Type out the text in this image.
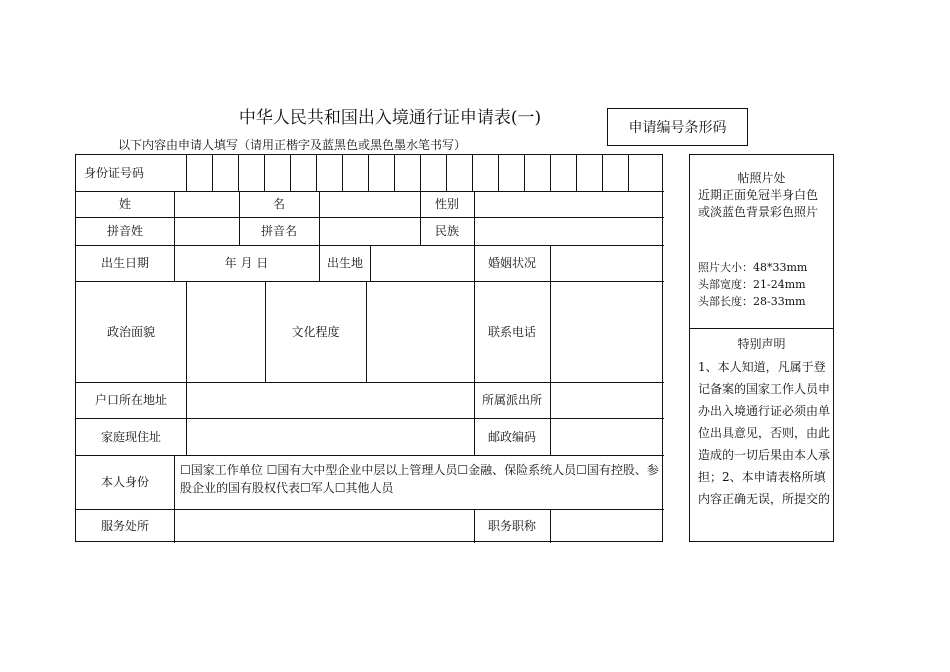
中华人民共和国出入境通行证申请表(一)
以下内容由申请人填写（请用正楷字及蓝黑色或黑色墨水笔书写）
申请编号条形码
身份证号码
姓	名	性别
拼音姓	拼音名	民族
出生日期	年 月 日	出生地	婚姻状况
政治面貌	文化程度	联系电话
户口所在地址	所属派出所
家庭现住址	邮政编码
本人身份
☐国家工作单位 ☐国有大中型企业中层以上管理人员☐金融、保险系统人员☐国有控股、参股企业的国有股权代表☐军人☐其他人员
服务处所	职务职称
帖照片处
近期正面免冠半身白色或淡蓝色背景彩色照片
照片大小：48*33mm
头部宽度：21-24mm
头部长度：28-33mm
特别声明
1、本人知道，凡属于登记备案的国家工作人员申办出入境通行证必须由单位出具意见，否则，由此造成的一切后果由本人承担；2、本申请表格所填内容正确无误，所提交的
